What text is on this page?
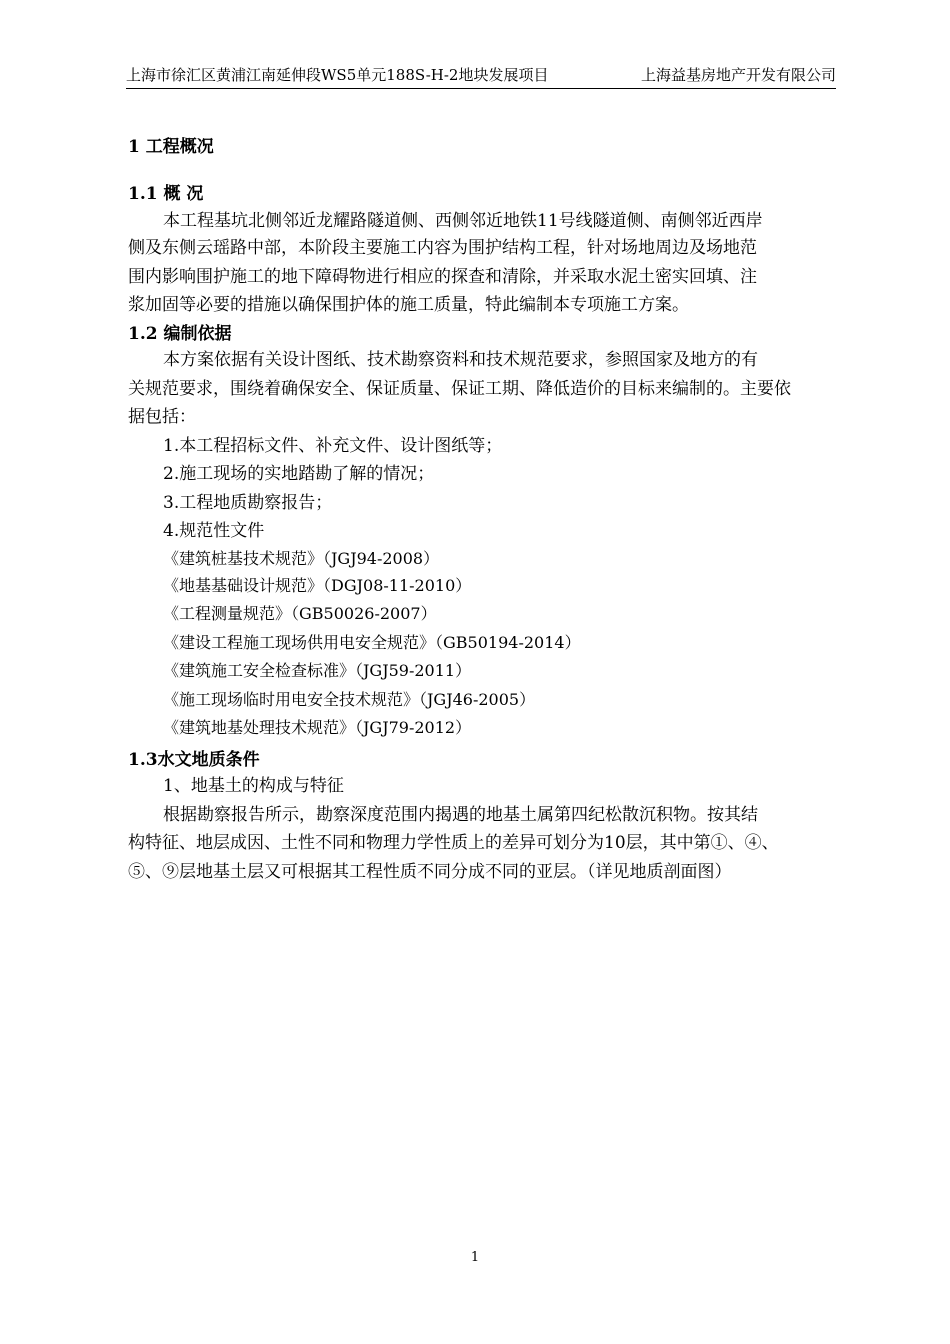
上海市徐汇区黄浦江南延伸段WS5单元188S-H-2地块发展项目	上海益基房地产开发有限公司
1 工程概况
1.1 概 况
本工程基坑北侧邻近龙耀路隧道侧、西侧邻近地铁11号线隧道侧、南侧邻近西岸
侧及东侧云瑶路中部，本阶段主要施工内容为围护结构工程，针对场地周边及场地范
围内影响围护施工的地下障碍物进行相应的探查和清除，并采取水泥土密实回填、注
浆加固等必要的措施以确保围护体的施工质量，特此编制本专项施工方案。
1.2 编制依据
本方案依据有关设计图纸、技术勘察资料和技术规范要求，参照国家及地方的有
关规范要求，围绕着确保安全、保证质量、保证工期、降低造价的目标来编制的。主要依
据包括：
1.本工程招标文件、补充文件、设计图纸等；
2.施工现场的实地踏勘了解的情况；
3.工程地质勘察报告；
4.规范性文件
《建筑桩基技术规范》（JGJ94-2008）
《地基基础设计规范》（DGJ08-11-2010）
《工程测量规范》（GB50026-2007）
《建设工程施工现场供用电安全规范》（GB50194-2014）
《建筑施工安全检查标准》（JGJ59-2011）
《施工现场临时用电安全技术规范》（JGJ46-2005）
《建筑地基处理技术规范》（JGJ79-2012）
1.3水文地质条件
1、地基土的构成与特征
根据勘察报告所示，勘察深度范围内揭遇的地基土属第四纪松散沉积物。按其结
构特征、地层成因、土性不同和物理力学性质上的差异可划分为10层，其中第①、④、
⑤、⑨层地基土层又可根据其工程性质不同分成不同的亚层。（详见地质剖面图）
1
